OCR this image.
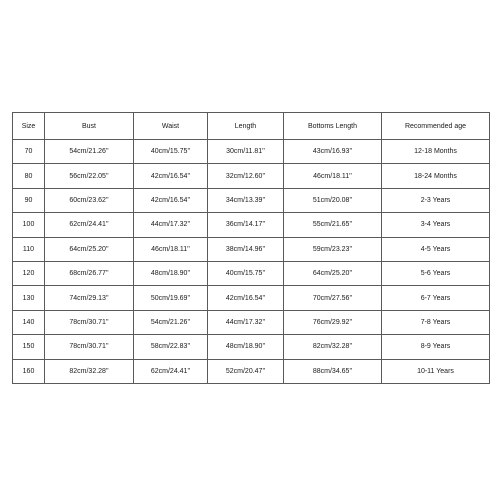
Size	Bust	Waist	Length	Bottoms Length	Recommended age
70	54cm/21.26''	40cm/15.75''	30cm/11.81''	43cm/16.93''	12-18 Months
80	56cm/22.05''	42cm/16.54''	32cm/12.60''	46cm/18.11''	18-24 Months
90	60cm/23.62''	42cm/16.54''	34cm/13.39''	51cm/20.08''	2-3 Years
100	62cm/24.41''	44cm/17.32''	36cm/14.17''	55cm/21.65''	3-4 Years
110	64cm/25.20''	46cm/18.11''	38cm/14.96''	59cm/23.23''	4-5 Years
120	68cm/26.77''	48cm/18.90''	40cm/15.75''	64cm/25.20''	5-6 Years
130	74cm/29.13''	50cm/19.69''	42cm/16.54''	70cm/27.56''	6-7 Years
140	78cm/30.71''	54cm/21.26''	44cm/17.32''	76cm/29.92''	7-8 Years
150	78cm/30.71''	58cm/22.83''	48cm/18.90''	82cm/32.28''	8-9 Years
160	82cm/32.28''	62cm/24.41''	52cm/20.47''	88cm/34.65''	10-11 Years
